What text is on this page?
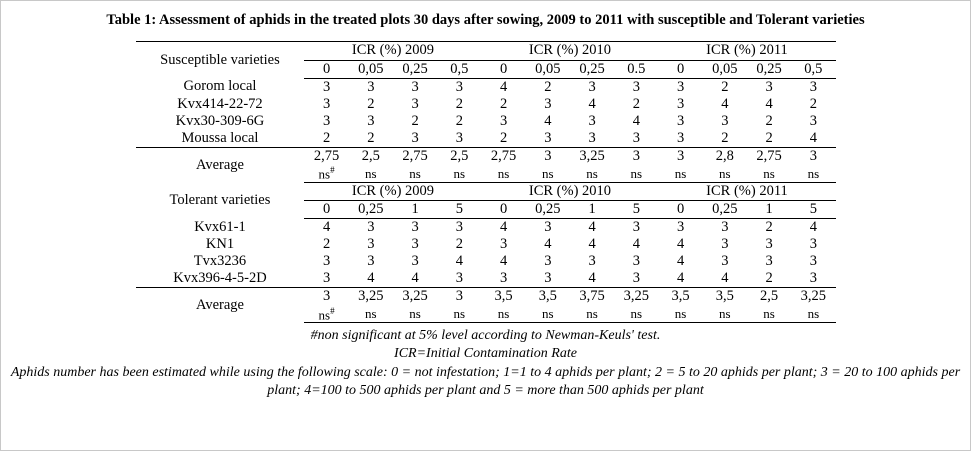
Table 1: Assessment of aphids in the treated plots 30 days after sowing, 2009 to 2011 with susceptible and Tolerant varieties
Susceptible varieties	ICR (%) 2009				ICR (%) 2010				ICR (%) 2011			
	0	0,05	0,25	0,5	0	0,05	0,25	0.5	0	0,05	0,25	0,5
Gorom local	3	3	3	3	4	2	3	3	3	2	3	3
Kvx414-22-72	3	2	3	2	2	3	4	2	3	4	4	2
Kvx30-309-6G	3	3	2	2	3	4	3	4	3	3	2	3
Moussa local	2	2	3	3	2	3	3	3	3	2	2	4
Average	2,75	2,5	2,75	2,5	2,75	3	3,25	3	3	2,8	2,75	3
	ns#	ns	ns	ns	ns	ns	ns	ns	ns	ns	ns	ns
Tolerant varieties	ICR (%) 2009				ICR (%) 2010				ICR (%) 2011			
	0	0,25	1	5	0	0,25	1	5	0	0,25	1	5
Kvx61-1	4	3	3	3	4	3	4	3	3	3	2	4
KN1	2	3	3	2	3	4	4	4	4	3	3	3
Tvx3236	3	3	3	4	4	3	3	3	4	3	3	3
Kvx396-4-5-2D	3	4	4	3	3	3	4	3	4	4	2	3
Average	3	3,25	3,25	3	3,5	3,5	3,75	3,25	3,5	3,5	2,5	3,25
	ns#	ns	ns	ns	ns	ns	ns	ns	ns	ns	ns	ns
#non significant at 5% level according to Newman-Keuls' test.
ICR=Initial Contamination Rate
Aphids number has been estimated while using the following scale: 0 = not infestation; 1=1 to 4 aphids per plant; 2 = 5 to 20 aphids per plant; 3 = 20 to 100 aphids per plant; 4=100 to 500 aphids per plant and 5 = more than 500 aphids per plant
